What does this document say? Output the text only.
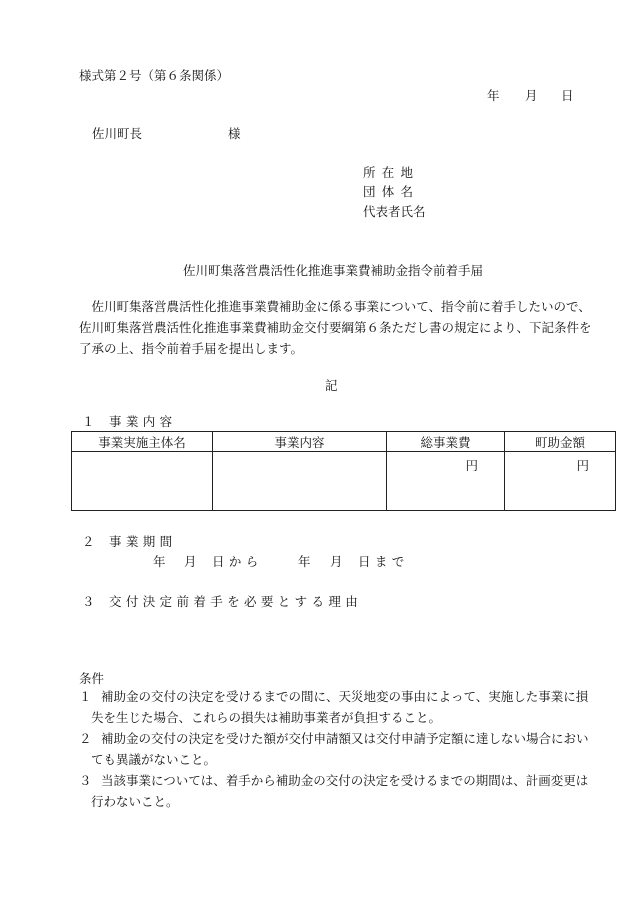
様式第２号（第６条関係）
年 月 日
佐川町長	様
所在地
団体名
代表者氏名
佐川町集落営農活性化推進事業費補助金指令前着手届
　佐川町集落営農活性化推進事業費補助金に係る事業について、指令前に着手したいので、
佐川町集落営農活性化推進事業費補助金交付要綱第６条ただし書の規定により、下記条件を
了承の上、指令前着手届を提出します。
記
１ 事業内容
事業実施主体名	事業内容	総事業費	町助金額
		円	円
２ 事業期間
年 月 日から	年 月 日まで
３ 交付決定前着手を必要とする理由
条件
１ 補助金の交付の決定を受けるまでの間に、天災地変の事由によって、実施した事業に損
失を生じた場合、これらの損失は補助事業者が負担すること。
２ 補助金の交付の決定を受けた額が交付申請額又は交付申請予定額に達しない場合におい
ても異議がないこと。
３ 当該事業については、着手から補助金の交付の決定を受けるまでの期間は、計画変更は
行わないこと。
